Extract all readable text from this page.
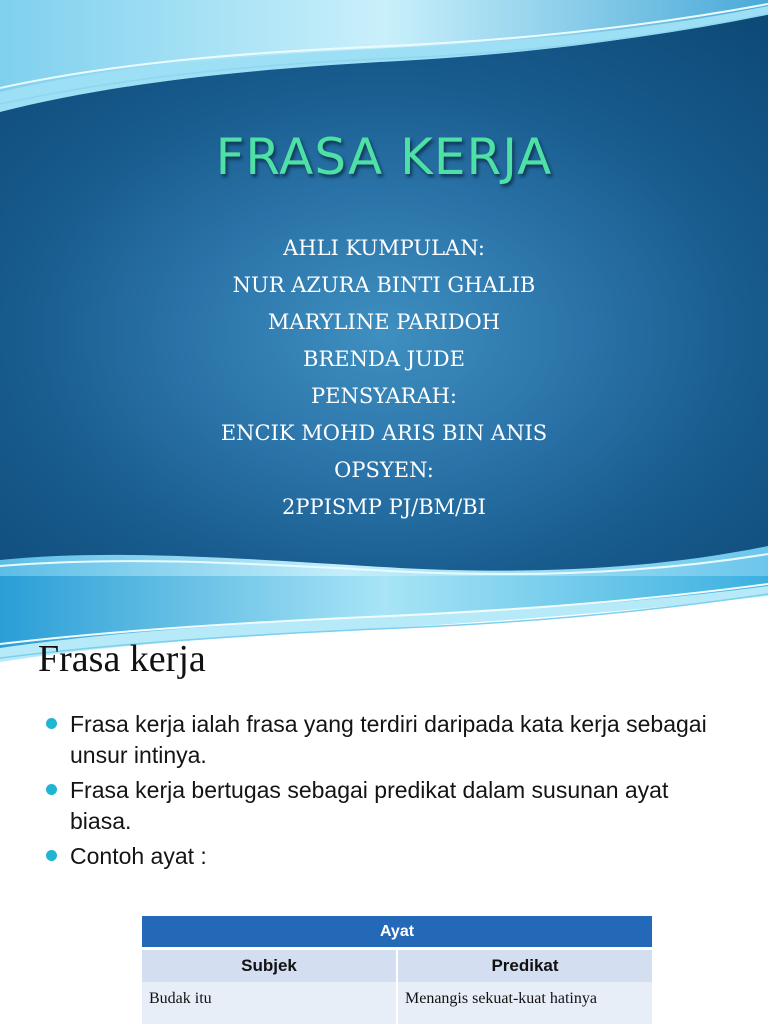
FRASA KERJA
AHLI KUMPULAN:
NUR AZURA BINTI GHALIB
MARYLINE PARIDOH
BRENDA JUDE
PENSYARAH:
ENCIK MOHD ARIS BIN ANIS
OPSYEN:
2PPISMP PJ/BM/BI
Frasa kerja
Frasa kerja ialah frasa yang terdiri daripada kata kerja sebagai unsur intinya.
Frasa kerja bertugas sebagai predikat dalam susunan ayat biasa.
Contoh ayat :
Ayat	
Subjek	Predikat
Budak itu	Menangis sekuat-kuat hatinya
